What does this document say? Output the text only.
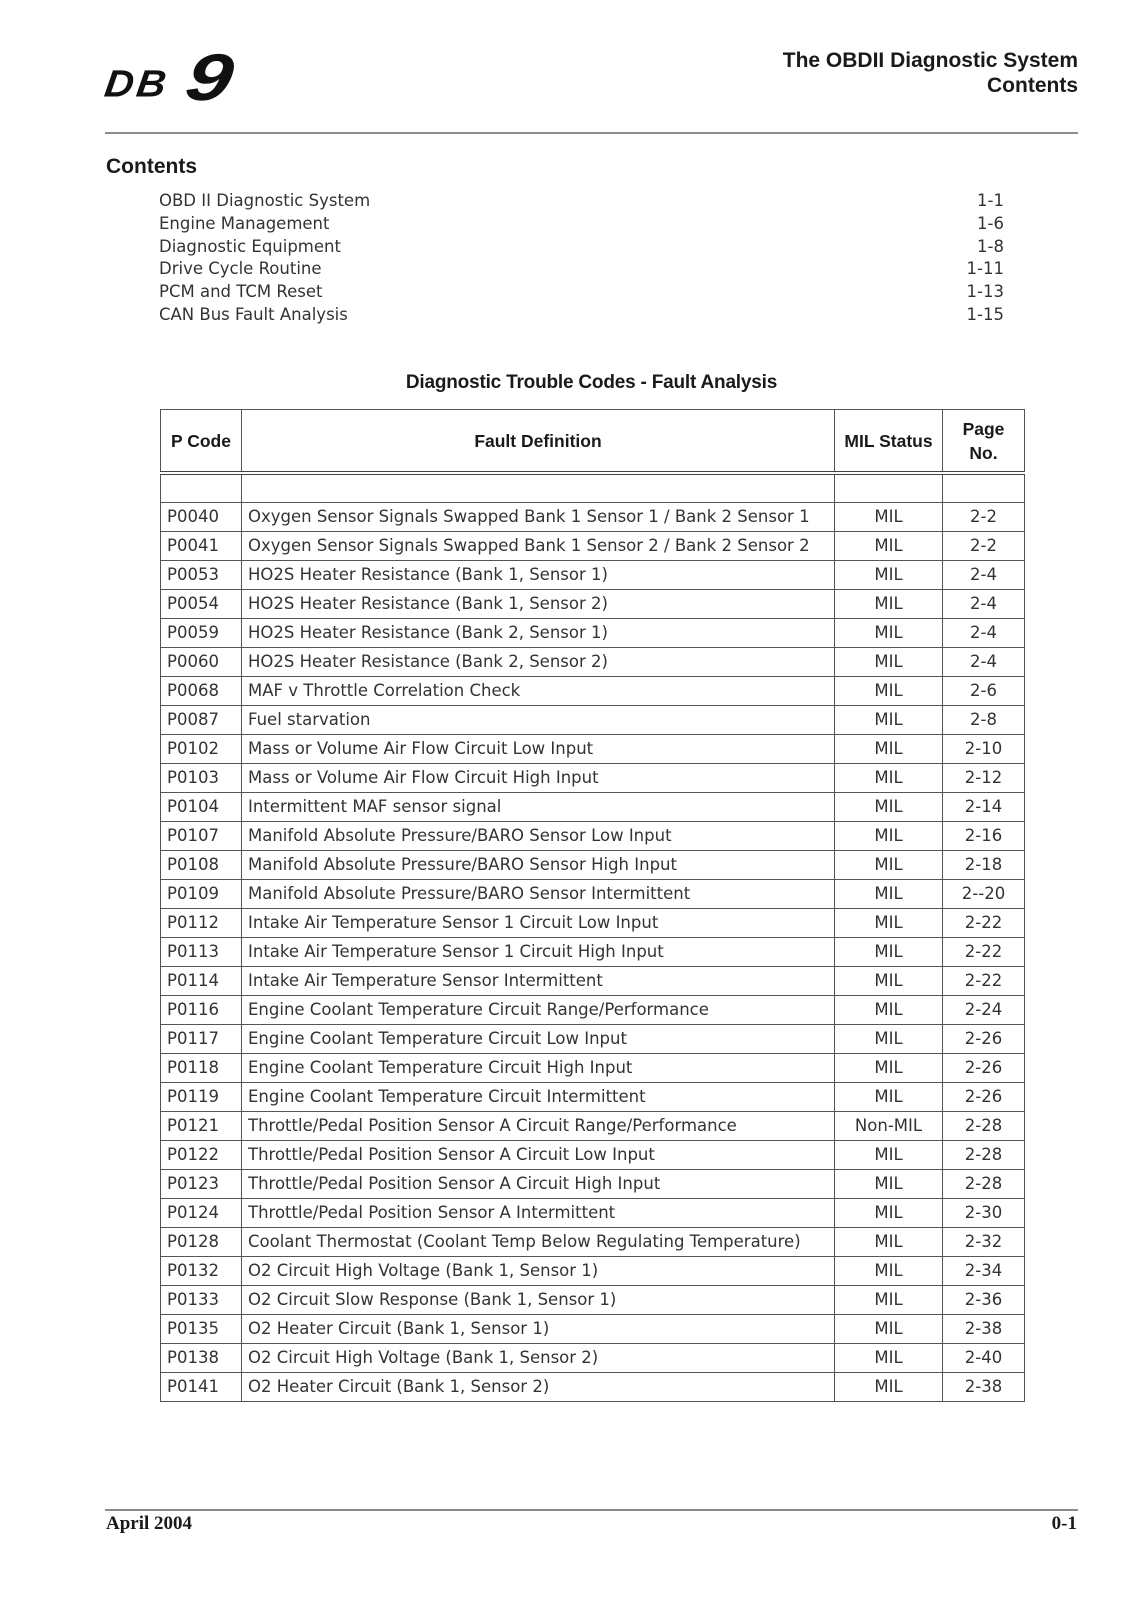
DB 9	The OBDII Diagnostic System
Contents
Contents
OBD II Diagnostic System	1-1
Engine Management	1-6
Diagnostic Equipment	1-8
Drive Cycle Routine	1-11
PCM and TCM Reset	1-13
CAN Bus Fault Analysis	1-15
Diagnostic Trouble Codes - Fault Analysis
P Code	Fault Definition	MIL Status	Page
No.

P0040	Oxygen Sensor Signals Swapped Bank 1 Sensor 1 / Bank 2 Sensor 1	MIL	2-2
P0041	Oxygen Sensor Signals Swapped Bank 1 Sensor 2 / Bank 2 Sensor 2	MIL	2-2
P0053	HO2S Heater Resistance (Bank 1, Sensor 1)	MIL	2-4
P0054	HO2S Heater Resistance (Bank 1, Sensor 2)	MIL	2-4
P0059	HO2S Heater Resistance (Bank 2, Sensor 1)	MIL	2-4
P0060	HO2S Heater Resistance (Bank 2, Sensor 2)	MIL	2-4
P0068	MAF v Throttle Correlation Check	MIL	2-6
P0087	Fuel starvation	MIL	2-8
P0102	Mass or Volume Air Flow Circuit Low Input	MIL	2-10
P0103	Mass or Volume Air Flow Circuit High Input	MIL	2-12
P0104	Intermittent MAF sensor signal	MIL	2-14
P0107	Manifold Absolute Pressure/BARO Sensor Low Input	MIL	2-16
P0108	Manifold Absolute Pressure/BARO Sensor High Input	MIL	2-18
P0109	Manifold Absolute Pressure/BARO Sensor Intermittent	MIL	2--20
P0112	Intake Air Temperature Sensor 1 Circuit Low Input	MIL	2-22
P0113	Intake Air Temperature Sensor 1 Circuit High Input	MIL	2-22
P0114	Intake Air Temperature Sensor Intermittent	MIL	2-22
P0116	Engine Coolant Temperature Circuit Range/Performance	MIL	2-24
P0117	Engine Coolant Temperature Circuit Low Input	MIL	2-26
P0118	Engine Coolant Temperature Circuit High Input	MIL	2-26
P0119	Engine Coolant Temperature Circuit Intermittent	MIL	2-26
P0121	Throttle/Pedal Position Sensor A Circuit Range/Performance	Non-MIL	2-28
P0122	Throttle/Pedal Position Sensor A Circuit Low Input	MIL	2-28
P0123	Throttle/Pedal Position Sensor A Circuit High Input	MIL	2-28
P0124	Throttle/Pedal Position Sensor A Intermittent	MIL	2-30
P0128	Coolant Thermostat (Coolant Temp Below Regulating Temperature)	MIL	2-32
P0132	O2 Circuit High Voltage (Bank 1, Sensor 1)	MIL	2-34
P0133	O2 Circuit Slow Response (Bank 1, Sensor 1)	MIL	2-36
P0135	O2 Heater Circuit (Bank 1, Sensor 1)	MIL	2-38
P0138	O2 Circuit High Voltage (Bank 1, Sensor 2)	MIL	2-40
P0141	O2 Heater Circuit (Bank 1, Sensor 2)	MIL	2-38
April 2004	0-1
